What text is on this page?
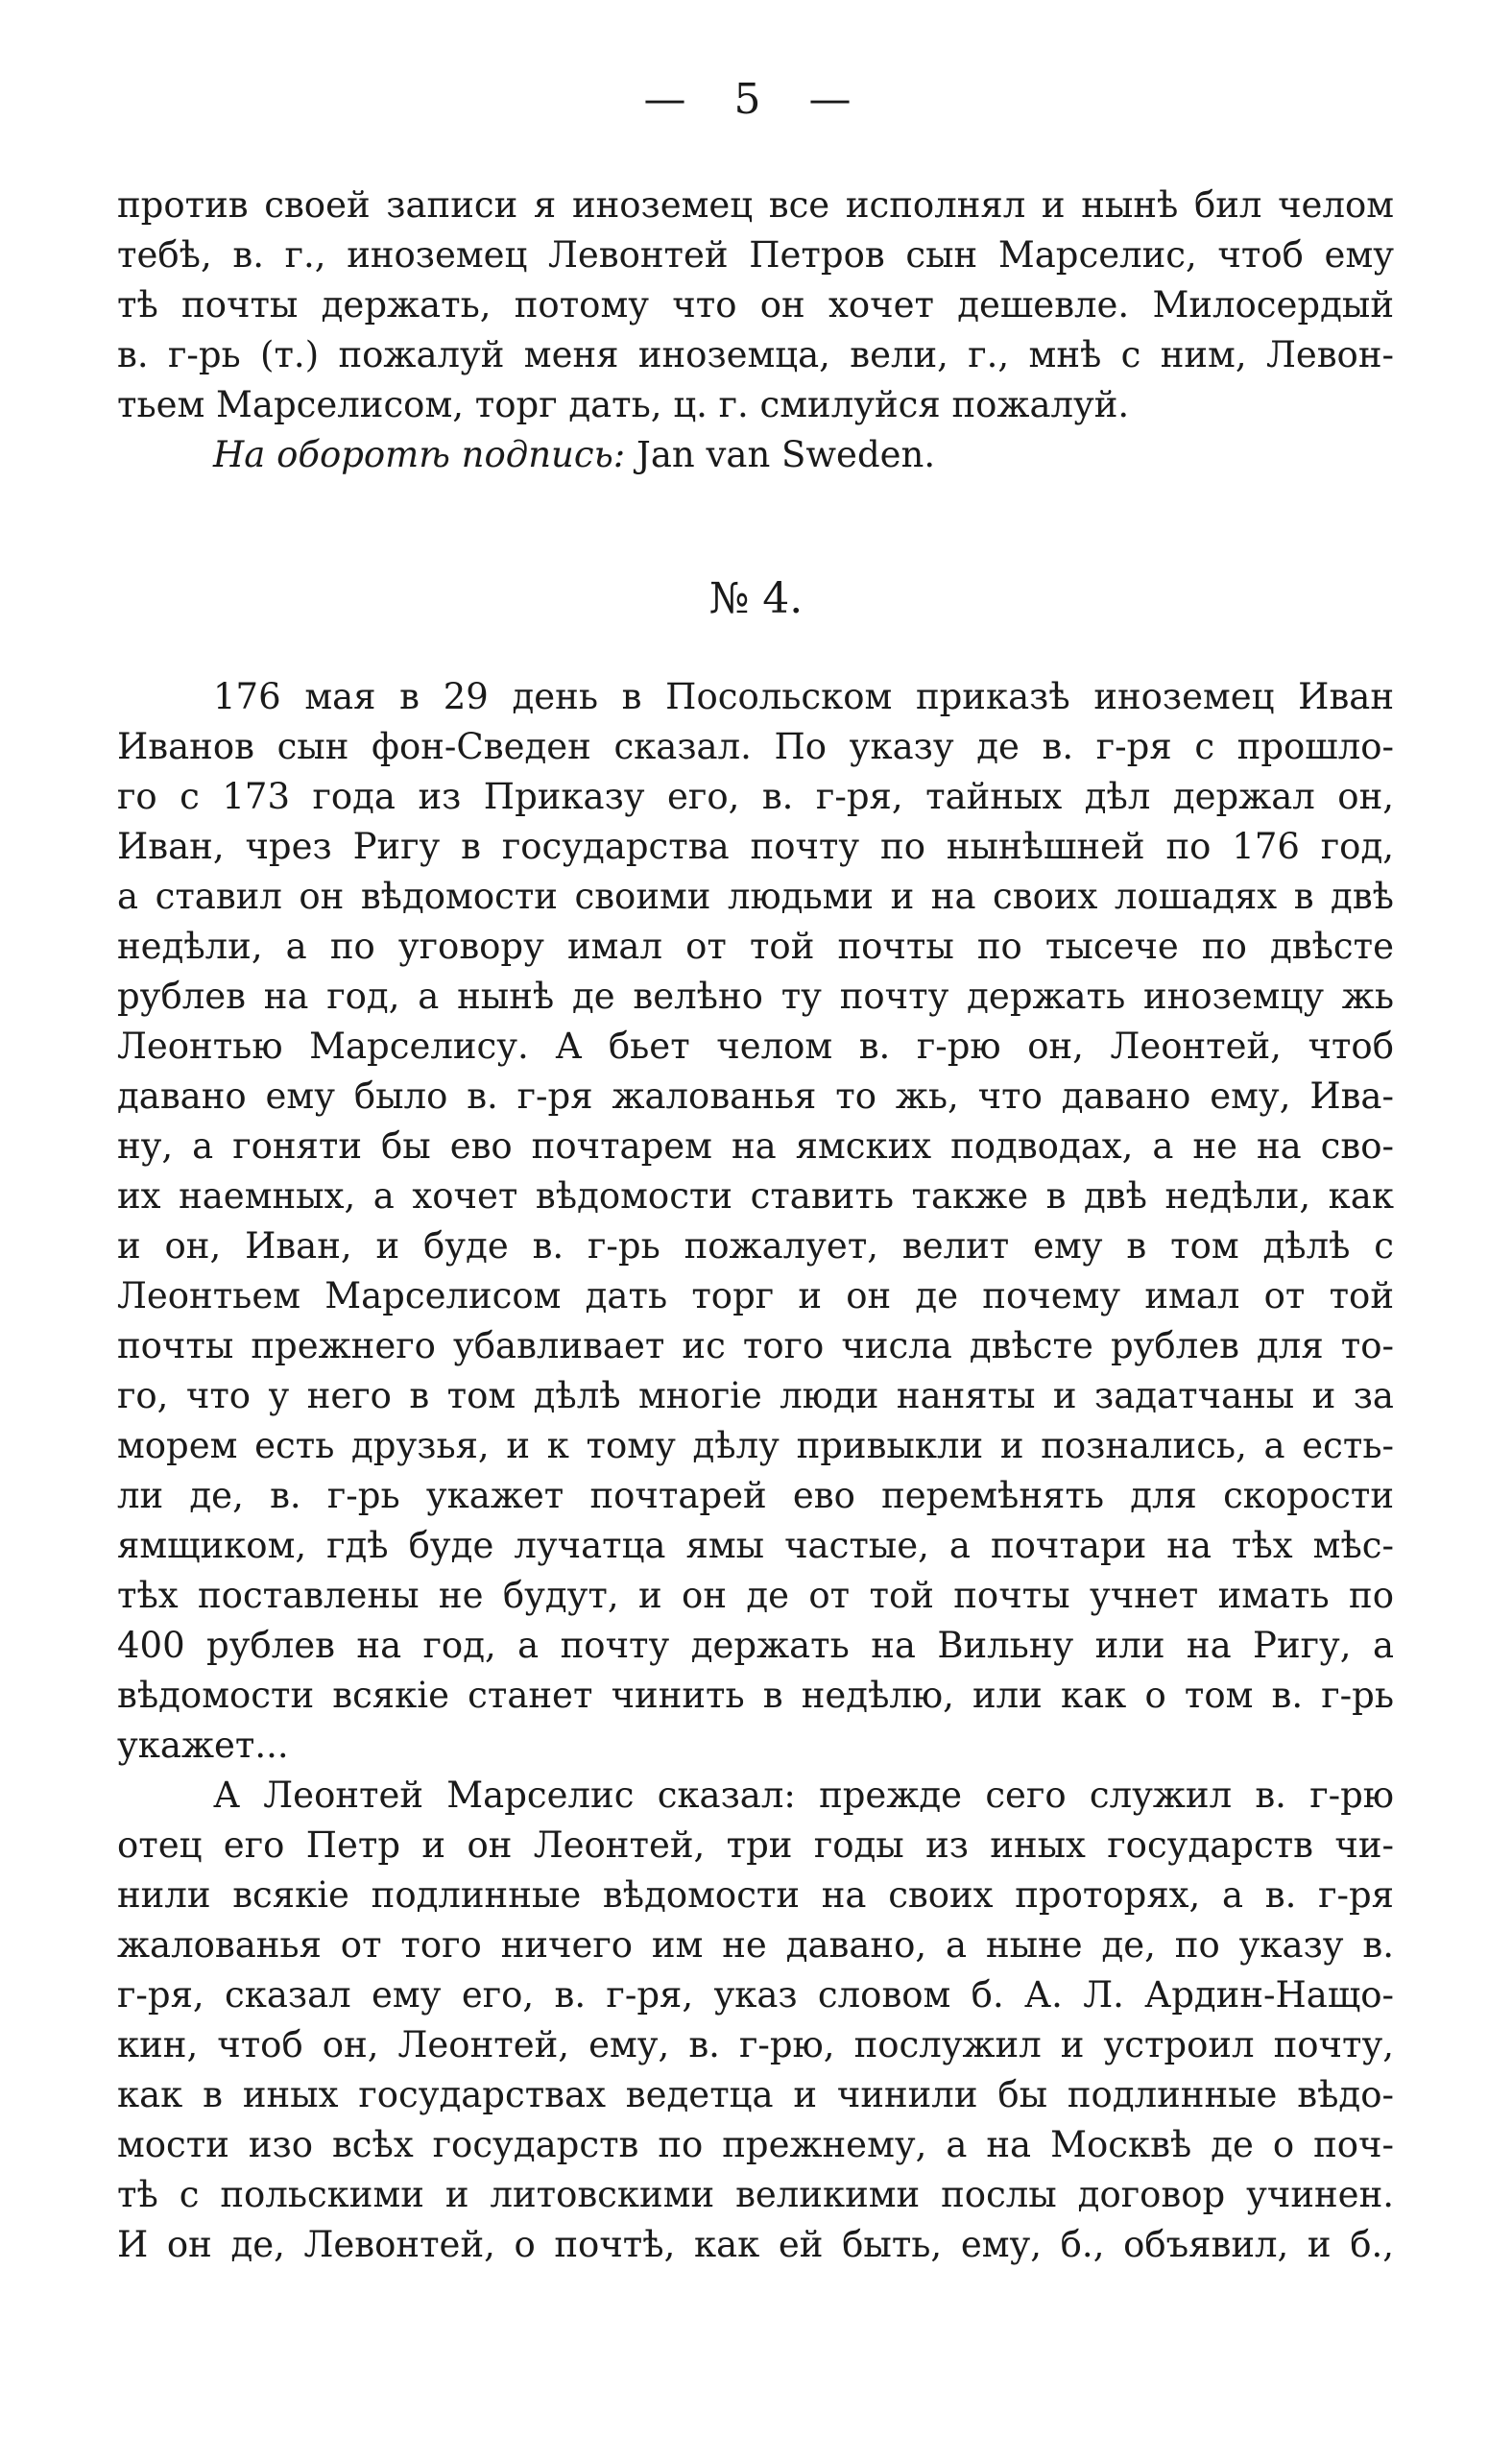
— 5 —
против своей записи я иноземец все исполнял и нынѣ бил челом
тебѣ, в. г., иноземец Левонтей Петров сын Марселис, чтоб ему
тѣ почты держать, потому что он хочет дешевле. Милосердый
в. г-рь (т.) пожалуй меня иноземца, вели, г., мнѣ с ним, Левон-
тьем Марселисом, торг дать, ц. г. смилуйся пожалуй.
На оборотѣ подпись: Jan van Sweden.
№ 4.
176 мая в 29 день в Посольском приказѣ иноземец Иван
Иванов сын фон-Сведен сказал. По указу де в. г-ря с прошло-
го с 173 года из Приказу его, в. г-ря, тайных дѣл держал он,
Иван, чрез Ригу в государства почту по нынѣшней по 176 год,
а ставил он вѣдомости своими людьми и на своих лошадях в двѣ
недѣли, а по уговору имал от той почты по тысече по двѣсте
рублев на год, а нынѣ де велѣно ту почту держать иноземцу жь
Леонтью Марселису. А бьет челом в. г-рю он, Леонтей, чтоб
давано ему было в. г-ря жалованья то жь, что давано ему, Ива-
ну, а гоняти бы ево почтарем на ямских подводах, а не на сво-
их наемных, а хочет вѣдомости ставить также в двѣ недѣли, как
и он, Иван, и буде в. г-рь пожалует, велит ему в том дѣлѣ с
Леонтьем Марселисом дать торг и он де почему имал от той
почты прежнего убавливает ис того числа двѣсте рублев для то-
го, что у него в том дѣлѣ многiе люди наняты и задатчаны и за
морем есть друзья, и к тому дѣлу привыкли и познались, а есть-
ли де, в. г-рь укажет почтарей ево перемѣнять для скорости
ямщиком, гдѣ буде лучатца ямы частые, а почтари на тѣх мѣс-
тѣх поставлены не будут, и он де от той почты учнет имать по
400 рублев на год, а почту держать на Вильну или на Ригу, а
вѣдомости всякiе станет чинить в недѣлю, или как о том в. г-рь
укажет...
А Леонтей Марселис сказал: прежде сего служил в. г-рю
отец его Петр и он Леонтей, три годы из иных государств чи-
нили всякiе подлинные вѣдомости на своих проторях, а в. г-ря
жалованья от того ничего им не давано, а ныне де, по указу в.
г-ря, сказал ему его, в. г-ря, указ словом б. А. Л. Ардин-Нащо-
кин, чтоб он, Леонтей, ему, в. г-рю, послужил и устроил почту,
как в иных государствах ведетца и чинили бы подлинные вѣдо-
мости изо всѣх государств по прежнему, а на Москвѣ де о поч-
тѣ с польскими и литовскими великими послы договор учинен.
И он де, Левонтей, о почтѣ, как ей быть, ему, б., объявил, и б.,
